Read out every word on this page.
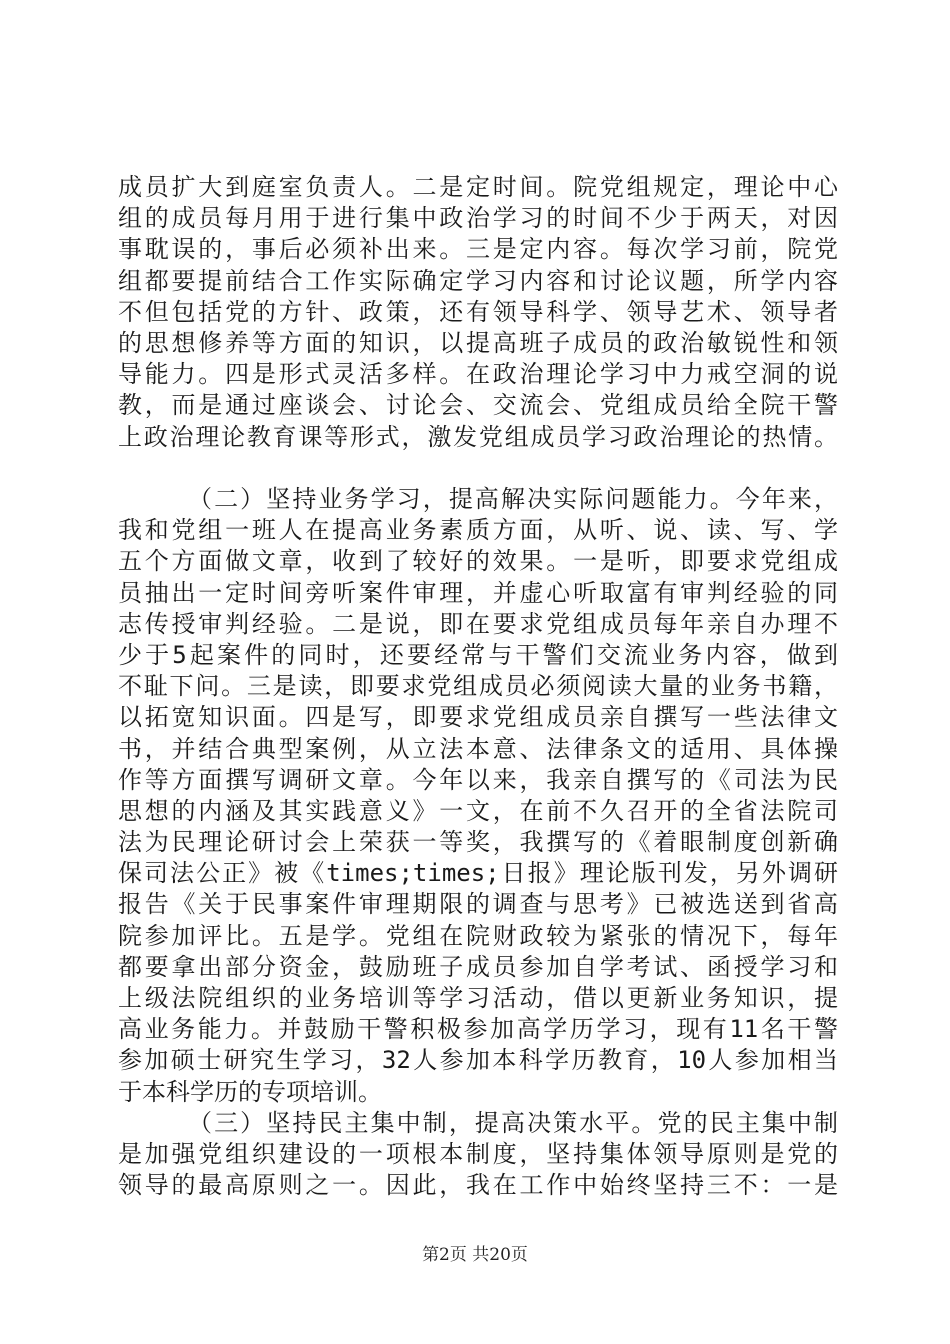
成员扩大到庭室负责人。二是定时间。院党组规定，理论中心
组的成员每月用于进行集中政治学习的时间不少于两天，对因
事耽误的，事后必须补出来。三是定内容。每次学习前，院党
组都要提前结合工作实际确定学习内容和讨论议题，所学内容
不但包括党的方针、政策，还有领导科学、领导艺术、领导者
的思想修养等方面的知识，以提高班子成员的政治敏锐性和领
导能力。四是形式灵活多样。在政治理论学习中力戒空洞的说
教，而是通过座谈会、讨论会、交流会、党组成员给全院干警
上政治理论教育课等形式，激发党组成员学习政治理论的热情。
（二）坚持业务学习，提高解决实际问题能力。今年来，
我和党组一班人在提高业务素质方面，从听、说、读、写、学
五个方面做文章，收到了较好的效果。一是听，即要求党组成
员抽出一定时间旁听案件审理，并虚心听取富有审判经验的同
志传授审判经验。二是说，即在要求党组成员每年亲自办理不
少于5起案件的同时，还要经常与干警们交流业务内容，做到
不耻下问。三是读，即要求党组成员必须阅读大量的业务书籍，
以拓宽知识面。四是写，即要求党组成员亲自撰写一些法律文
书，并结合典型案例，从立法本意、法律条文的适用、具体操
作等方面撰写调研文章。今年以来，我亲自撰写的《司法为民
思想的内涵及其实践意义》一文，在前不久召开的全省法院司
法为民理论研讨会上荣获一等奖，我撰写的《着眼制度创新确
保司法公正》被《times;times;日报》理论版刊发，另外调研
报告《关于民事案件审理期限的调查与思考》已被选送到省高
院参加评比。五是学。党组在院财政较为紧张的情况下，每年
都要拿出部分资金，鼓励班子成员参加自学考试、函授学习和
上级法院组织的业务培训等学习活动，借以更新业务知识，提
高业务能力。并鼓励干警积极参加高学历学习，现有11名干警
参加硕士研究生学习，32人参加本科学历教育，10人参加相当
于本科学历的专项培训。
（三）坚持民主集中制，提高决策水平。党的民主集中制
是加强党组织建设的一项根本制度，坚持集体领导原则是党的
领导的最高原则之一。因此，我在工作中始终坚持三不：一是
第2页 共20页
